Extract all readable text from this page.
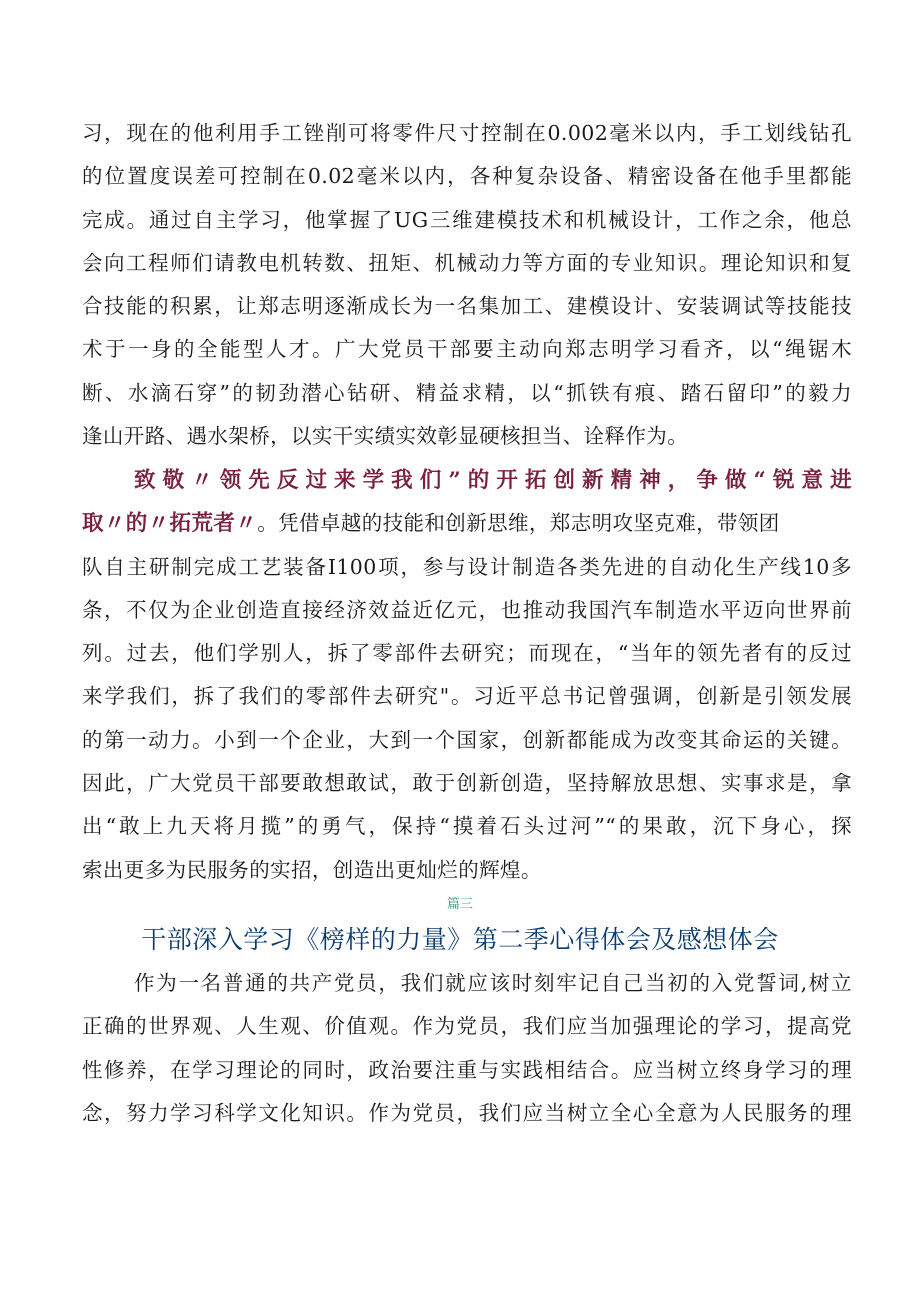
习，现在的他利用手工锉削可将零件尺寸控制在0.002毫米以内，手工划线钻孔
的位置度误差可控制在0.02毫米以内，各种复杂设备、精密设备在他手里都能
完成。通过自主学习，他掌握了UG三维建模技术和机械设计，工作之余，他总
会向工程师们请教电机转数、扭矩、机械动力等方面的专业知识。理论知识和复
合技能的积累，让郑志明逐渐成长为一名集加工、建模设计、安装调试等技能技
术于一身的全能型人才。广大党员干部要主动向郑志明学习看齐，以“绳锯木
断、水滴石穿”的韧劲潜心钻研、精益求精，以“抓铁有痕、踏石留印”的毅力
逢山开路、遇水架桥，以实干实绩实效彰显硬核担当、诠释作为。
致敬〃领先反过来学我们”的开拓创新精神，争做“锐意进
取〃的〃拓荒者〃。凭借卓越的技能和创新思维，郑志明攻坚克难，带领团
队自主研制完成工艺装备I100项，参与设计制造各类先进的自动化生产线10多
条，不仅为企业创造直接经济效益近亿元，也推动我国汽车制造水平迈向世界前
列。过去，他们学别人，拆了零部件去研究；而现在，“当年的领先者有的反过
来学我们，拆了我们的零部件去研究"。习近平总书记曾强调，创新是引领发展
的第一动力。小到一个企业，大到一个国家，创新都能成为改变其命运的关键。
因此，广大党员干部要敢想敢试，敢于创新创造，坚持解放思想、实事求是，拿
出“敢上九天将月揽”的勇气，保持“摸着石头过河”“的果敢，沉下身心，探
索出更多为民服务的实招，创造出更灿烂的辉煌。
篇三
干部深入学习《榜样的力量》第二季心得体会及感想体会
作为一名普通的共产党员，我们就应该时刻牢记自己当初的入党誓词,树立
正确的世界观、人生观、价值观。作为党员，我们应当加强理论的学习，提高党
性修养，在学习理论的同时，政治要注重与实践相结合。应当树立终身学习的理
念，努力学习科学文化知识。作为党员，我们应当树立全心全意为人民服务的理
